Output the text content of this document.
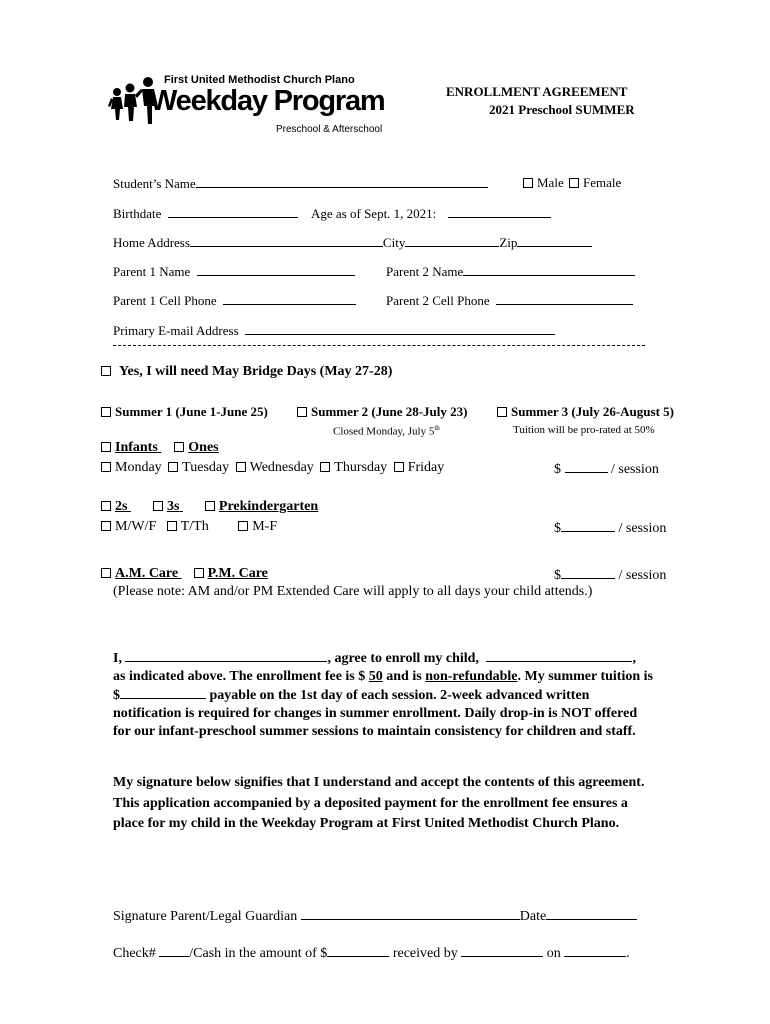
First United Methodist Church Plano
Weekday Program
Preschool & Afterschool
ENROLLMENT AGREEMENT
2021 Preschool SUMMER
Student’s Name	Male Female
Birthdate	Age as of Sept. 1, 2021:
Home Address	City	Zip
Parent 1 Name	Parent 2 Name
Parent 1 Cell Phone	Parent 2 Cell Phone
Primary E-mail Address
Yes, I will need May Bridge Days (May 27-28)
Summer 1 (June 1-June 25)	Summer 2 (June 28-July 23)	Summer 3 (July 26-August 5)
Closed Monday, July 5th	Tuition will be pro-rated at 50%
Infants Ones
Monday Tuesday Wednesday Thursday Friday	$	/ session
2s	3s	Prekindergarten
M/W/F T/Th	M-F	$	/ session
A.M. Care P.M. Care	$	/ session
(Please note: AM and/or PM Extended Care will apply to all days your child attends.)
I,	, agree to enroll my child,	,
as indicated above. The enrollment fee is $ 50 and is non-refundable. My summer tuition is $	payable on the 1st day of each session. 2-week advanced written notification is required for changes in summer enrollment. Daily drop-in is NOT offered for our infant-preschool summer sessions to maintain consistency for children and staff.
My signature below signifies that I understand and accept the contents of this agreement. This application accompanied by a deposited payment for the enrollment fee ensures a place for my child in the Weekday Program at First United Methodist Church Plano.
Signature Parent/Legal Guardian	Date
Check# /Cash in the amount of $	received by	on	.
